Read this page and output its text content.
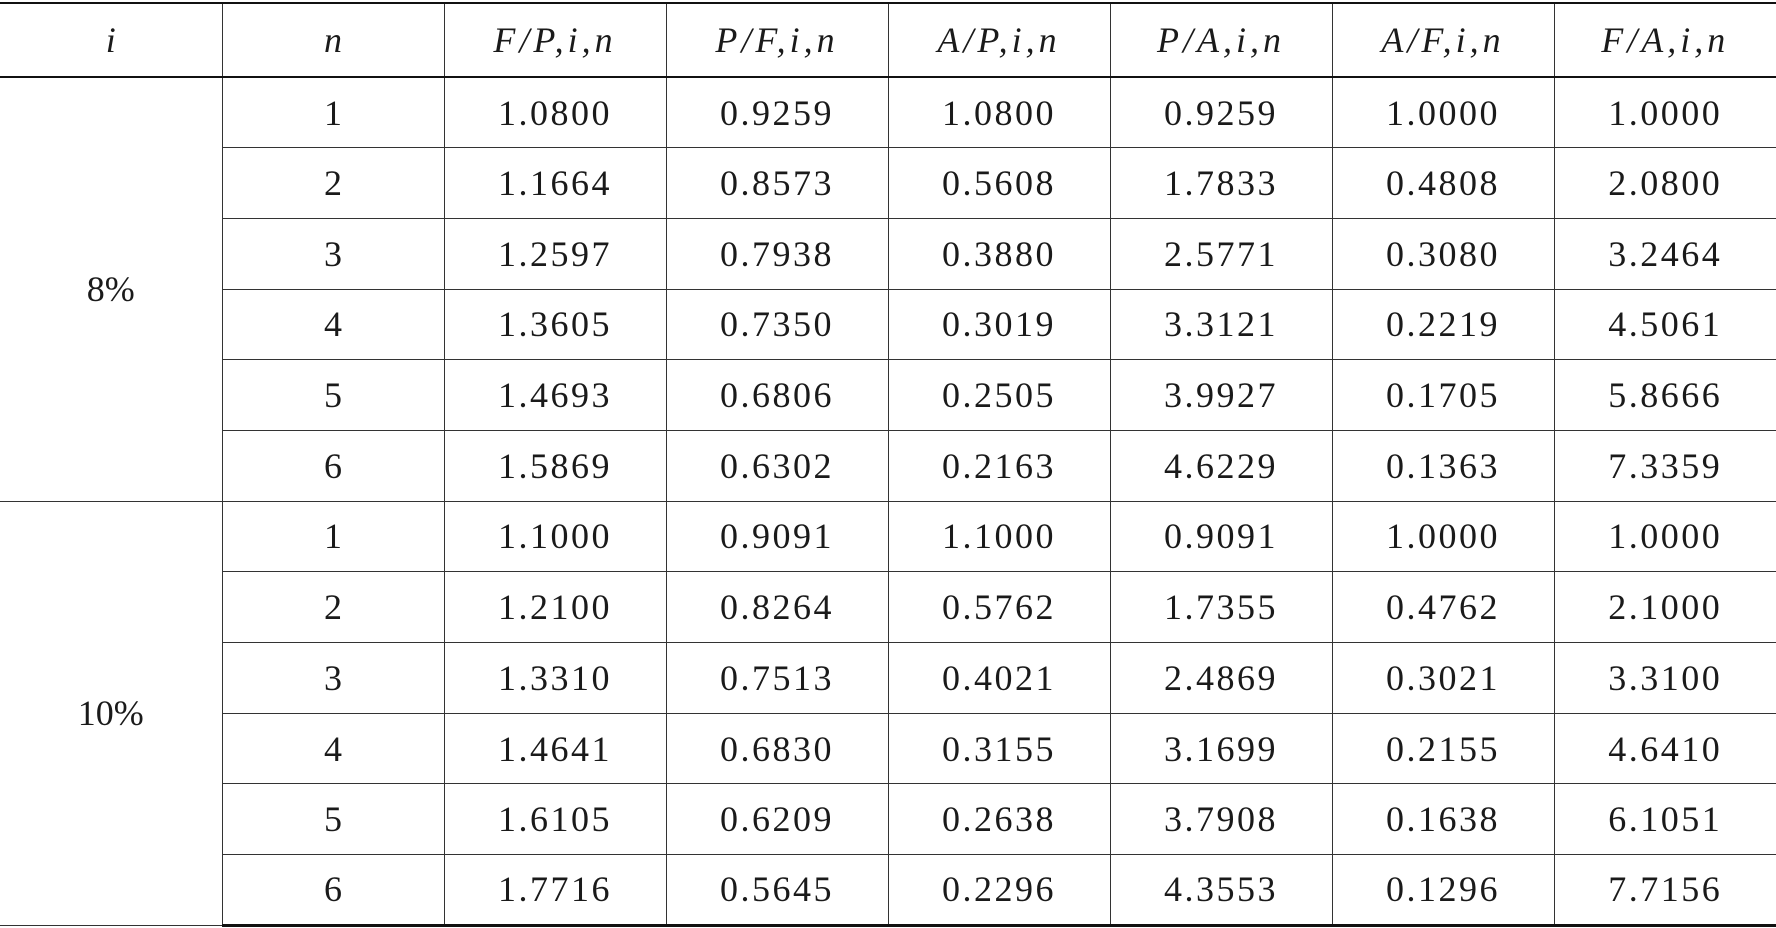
i	n	F/P,i,n	P/F,i,n	A/P,i,n	P/A,i,n	A/F,i,n	F/A,i,n
8%	1	1.0800	0.9259	1.0800	0.9259	1.0000	1.0000
	2	1.1664	0.8573	0.5608	1.7833	0.4808	2.0800
	3	1.2597	0.7938	0.3880	2.5771	0.3080	3.2464
	4	1.3605	0.7350	0.3019	3.3121	0.2219	4.5061
	5	1.4693	0.6806	0.2505	3.9927	0.1705	5.8666
	6	1.5869	0.6302	0.2163	4.6229	0.1363	7.3359
10%	1	1.1000	0.9091	1.1000	0.9091	1.0000	1.0000
	2	1.2100	0.8264	0.5762	1.7355	0.4762	2.1000
	3	1.3310	0.7513	0.4021	2.4869	0.3021	3.3100
	4	1.4641	0.6830	0.3155	3.1699	0.2155	4.6410
	5	1.6105	0.6209	0.2638	3.7908	0.1638	6.1051
	6	1.7716	0.5645	0.2296	4.3553	0.1296	7.7156
